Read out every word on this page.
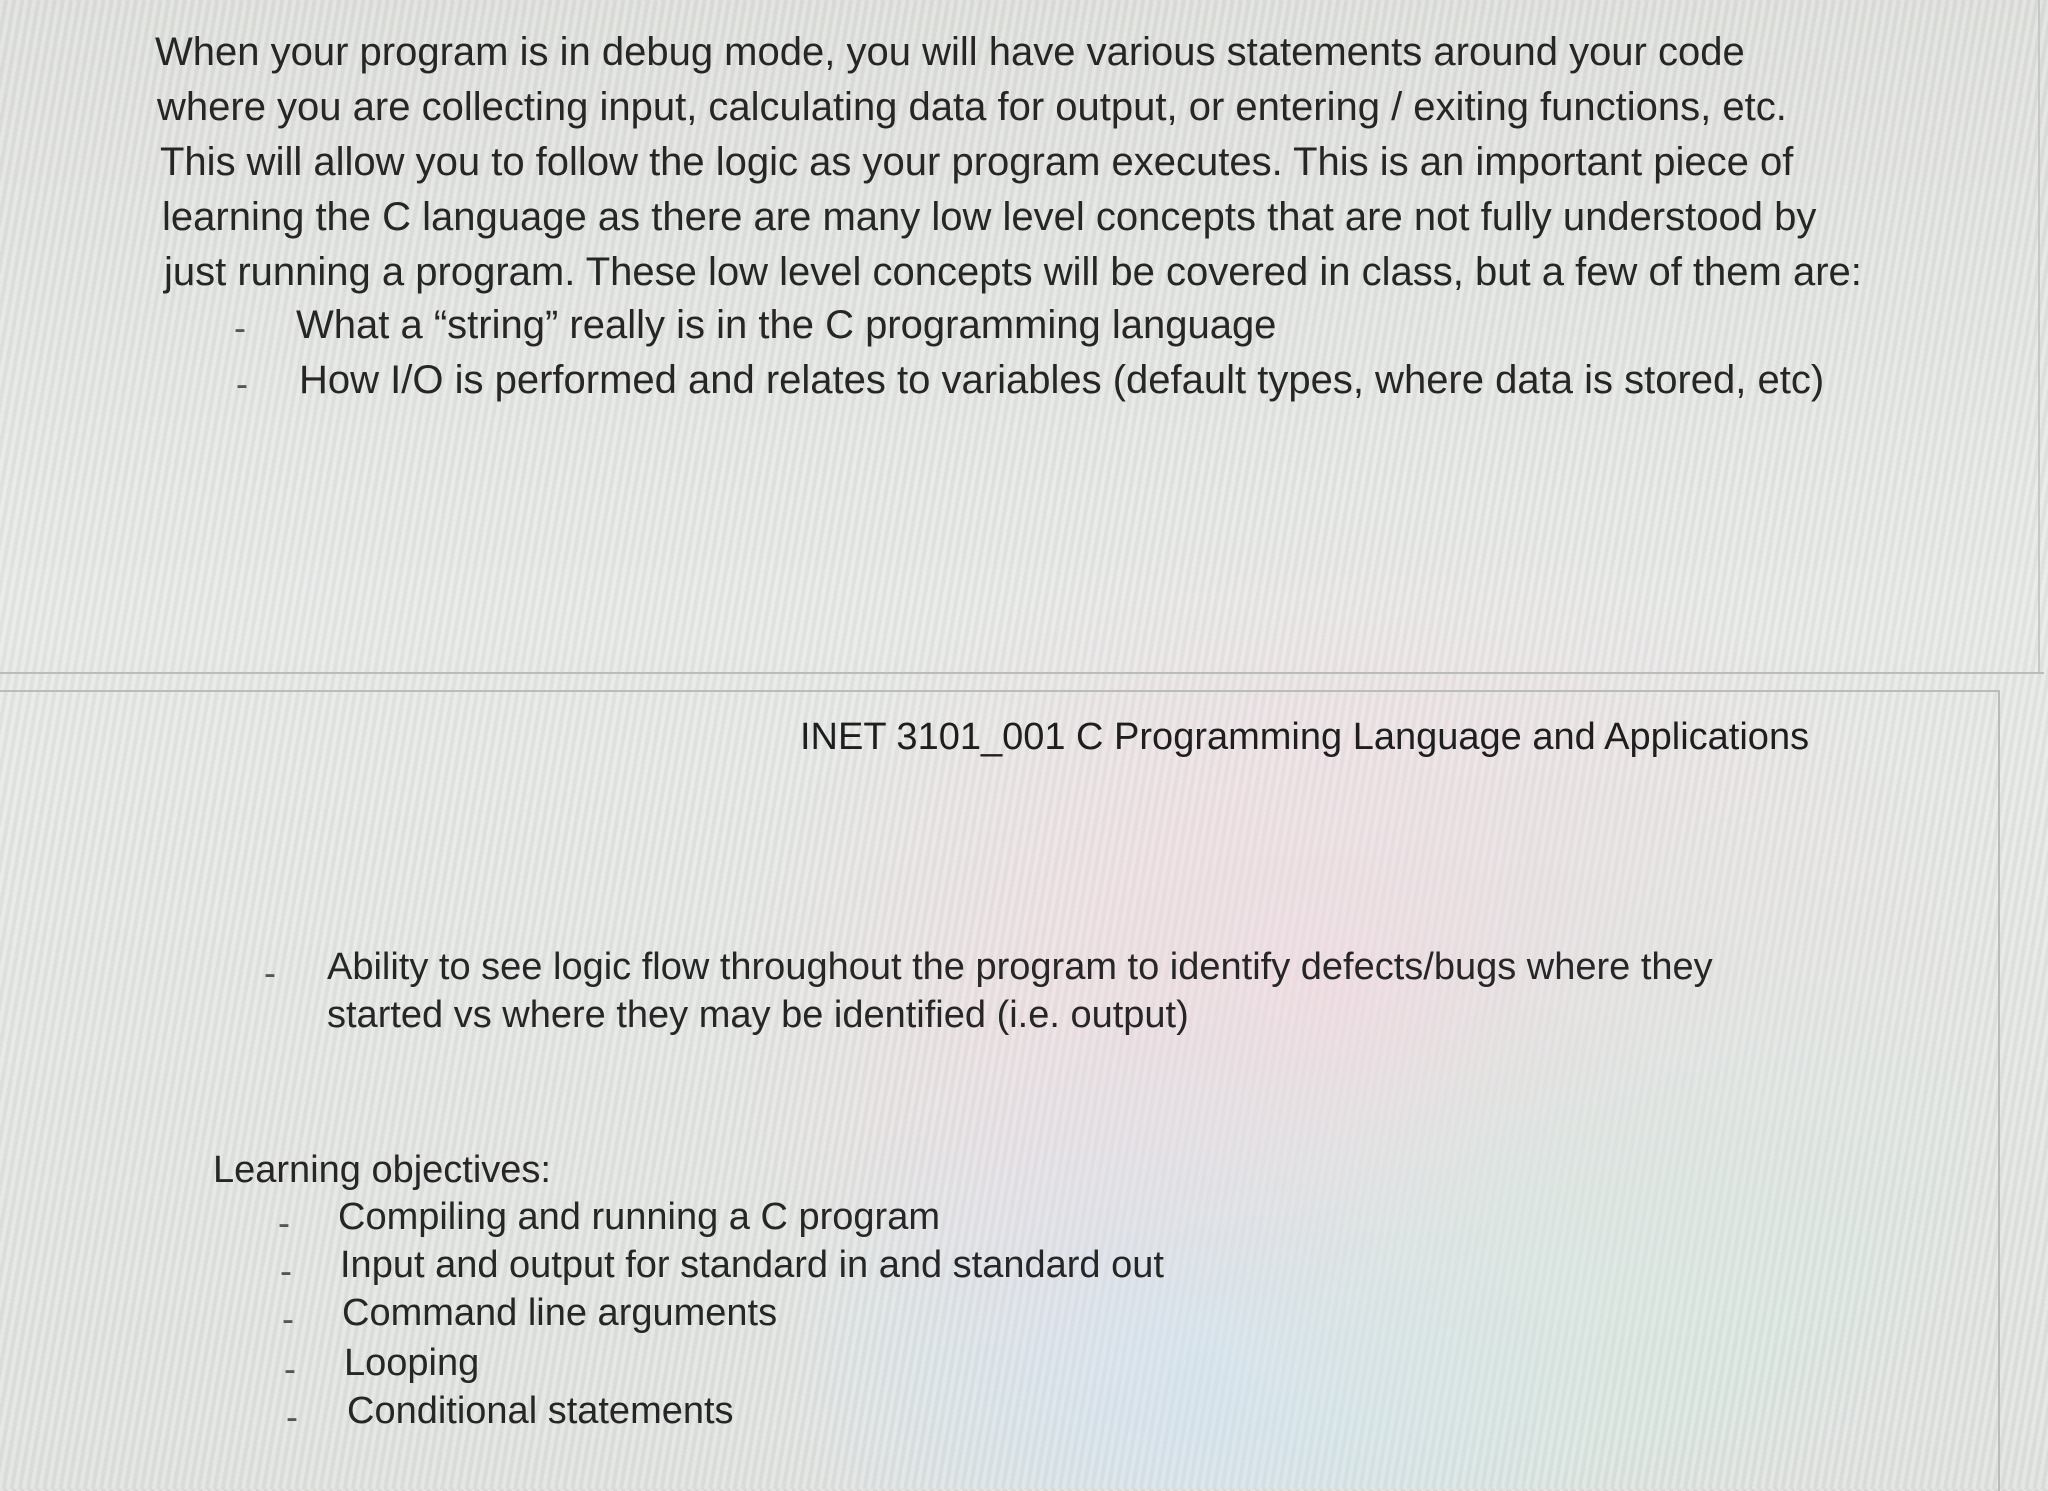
When your program is in debug mode, you will have various statements around your code
where you are collecting input, calculating data for output, or entering / exiting functions, etc.
This will allow you to follow the logic as your program executes. This is an important piece of
learning the C language as there are many low level concepts that are not fully understood by
just running a program. These low level concepts will be covered in class, but a few of them are:
- What a “string” really is in the C programming language
- How I/O is performed and relates to variables (default types, where data is stored, etc)
INET 3101_001 C Programming Language and Applications
- Ability to see logic flow throughout the program to identify defects/bugs where they started vs where they may be identified (i.e. output)

Learning objectives:
- Compiling and running a C program
- Input and output for standard in and standard out
- Command line arguments
- Looping
- Conditional statements
